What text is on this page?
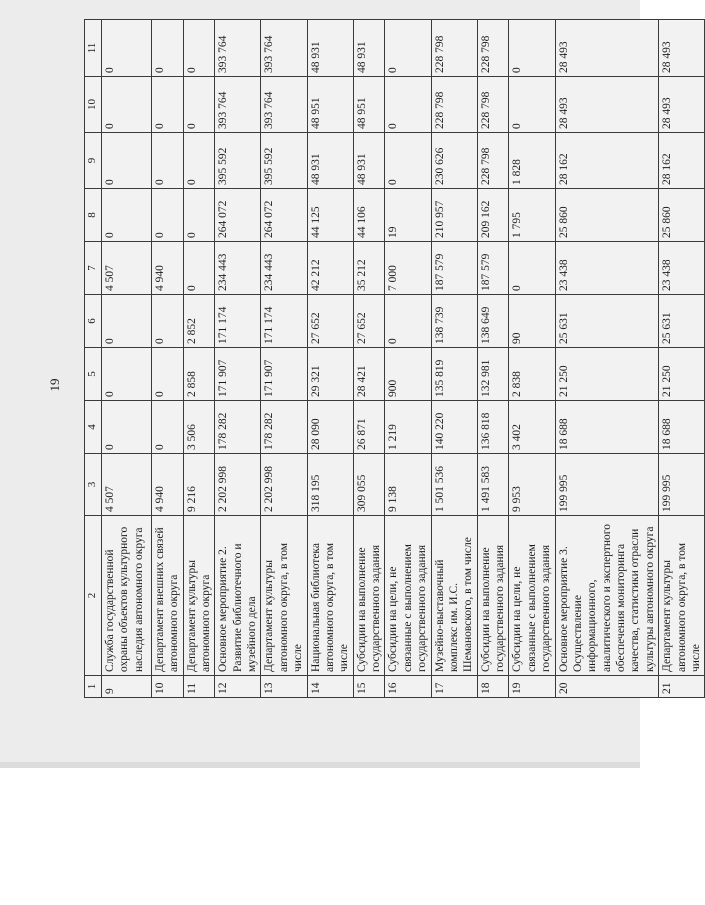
19
1	2	3	4	5	6	7	8	9	10	11
9	Служба государственной охраны объектов культурного наследия автономного округа	4 507	0	0	0	4 507	0	0	0	0
10	Департамент внешних связей автономного округа	4 940	0	0	0	4 940	0	0	0	0
11	Департамент культуры автономного округа	9 216	3 506	2 858	2 852	0	0	0	0	0
12	Основное мероприятие 2. Развитие библиотечного и музейного дела	2 202 998	178 282	171 907	171 174	234 443	264 072	395 592	393 764	393 764
13	Департамент культуры автономного округа, в том числе	2 202 998	178 282	171 907	171 174	234 443	264 072	395 592	393 764	393 764
14	Национальная библиотека автономного округа, в том числе	318 195	28 090	29 321	27 652	42 212	44 125	48 931	48 951	48 931
15	Субсидии на выполнение государственного задания	309 055	26 871	28 421	27 652	35 212	44 106	48 931	48 951	48 931
16	Субсидии на цели, не связанные с выполнением государственного задания	9 138	1 219	900	0	7 000	19	0	0	0
17	Музейно-выставочный комплекс им. И.С. Шемановского, в том числе	1 501 536	140 220	135 819	138 739	187 579	210 957	230 626	228 798	228 798
18	Субсидии на выполнение государственного задания	1 491 583	136 818	132 981	138 649	187 579	209 162	228 798	228 798	228 798
19	Субсидии на цели, не связанные с выполнением государственного задания	9 953	3 402	2 838	90	0	1 795	1 828	0	0
20	Основное мероприятие 3. Осуществление информационного, аналитического и экспертного обеспечения мониторинга качества, статистики отрасли культуры автономного округа	199 995	18 688	21 250	25 631	23 438	25 860	28 162	28 493	28 493
21	Департамент культуры автономного округа, в том числе	199 995	18 688	21 250	25 631	23 438	25 860	28 162	28 493	28 493
